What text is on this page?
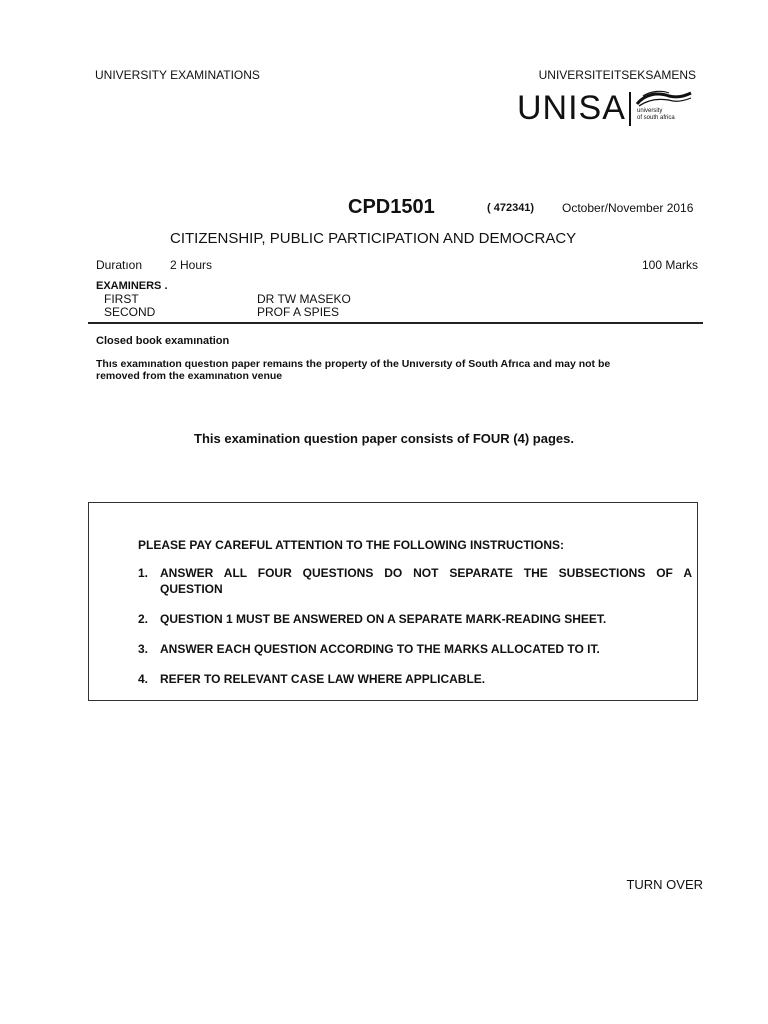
UNIVERSITY EXAMINATIONS	UNIVERSITEITSEKSAMENS
UNISA university
of south africa
CPD1501	( 472341) October/November 2016
CITIZENSHIP, PUBLIC PARTICIPATION AND DEMOCRACY
Duratıon 2 Hours	100 Marks
EXAMINERS .
FIRST	DR TW MASEKO
SECOND	PROF A SPIES
Closed book examınation
Thıs examınatıon questıon paper remaıns the property of the Unıversıty of South Afrıca and may not be
removed from the examınatıon venue
This examination question paper consists of FOUR (4) pages.
PLEASE PAY CAREFUL ATTENTION TO THE FOLLOWING INSTRUCTIONS:
1. ANSWER ALL FOUR QUESTIONS DO NOT SEPARATE THE SUBSECTIONS OF A
QUESTION
2. QUESTION 1 MUST BE ANSWERED ON A SEPARATE MARK-READING SHEET.
3. ANSWER EACH QUESTION ACCORDING TO THE MARKS ALLOCATED TO IT.
4. REFER TO RELEVANT CASE LAW WHERE APPLICABLE.
TURN OVER
